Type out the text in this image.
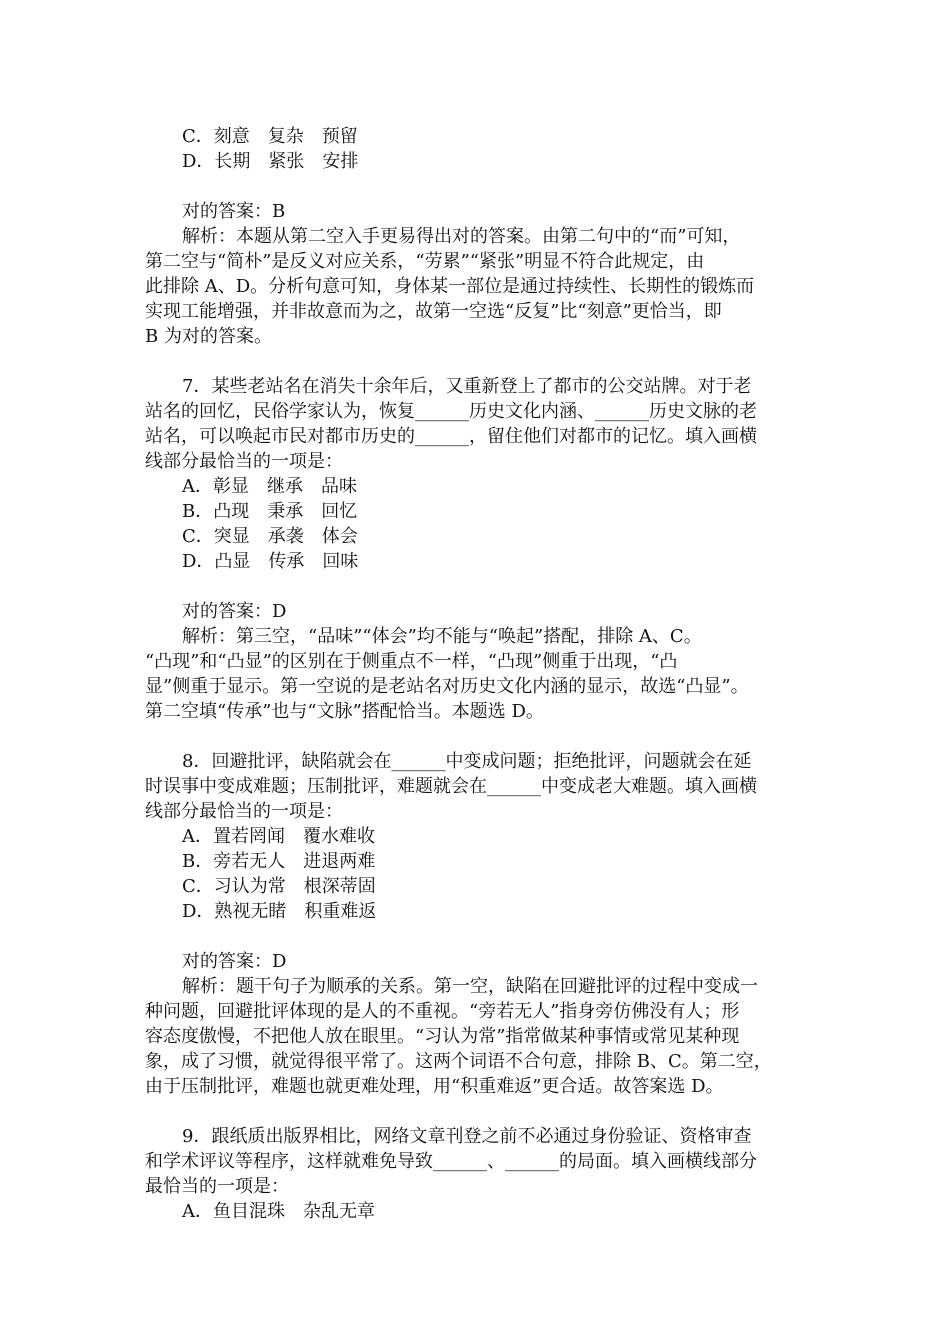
C．刻意　复杂　预留
D．长期　紧张　安排
对的答案：B
解析：本题从第二空入手更易得出对的答案。由第二句中的“而”可知，
第二空与“简朴”是反义对应关系，“劳累”“紧张”明显不符合此规定，由
此排除 A、D。分析句意可知，身体某一部位是通过持续性、长期性的锻炼而
实现工能增强，并非故意而为之，故第一空选“反复”比“刻意”更恰当，即
B 为对的答案。
7．某些老站名在消失十余年后，又重新登上了都市的公交站牌。对于老
站名的回忆，民俗学家认为，恢复______历史文化内涵、______历史文脉的老
站名，可以唤起市民对都市历史的______，留住他们对都市的记忆。填入画横
线部分最恰当的一项是：
A．彰显　继承　品味
B．凸现　秉承　回忆
C．突显　承袭　体会
D．凸显　传承　回味
对的答案：D
解析：第三空，“品味”“体会”均不能与“唤起”搭配，排除 A、C。
“凸现”和“凸显”的区别在于侧重点不一样，“凸现”侧重于出现，“凸
显”侧重于显示。第一空说的是老站名对历史文化内涵的显示，故选“凸显”。
第二空填“传承”也与“文脉”搭配恰当。本题选 D。
8．回避批评，缺陷就会在______中变成问题；拒绝批评，问题就会在延
时误事中变成难题；压制批评，难题就会在______中变成老大难题。填入画横
线部分最恰当的一项是：
A．置若罔闻　覆水难收
B．旁若无人　进退两难
C．习认为常　根深蒂固
D．熟视无睹　积重难返
对的答案：D
解析：题干句子为顺承的关系。第一空，缺陷在回避批评的过程中变成一
种问题，回避批评体现的是人的不重视。“旁若无人”指身旁仿佛没有人；形
容态度傲慢，不把他人放在眼里。“习认为常”指常做某种事情或常见某种现
象，成了习惯，就觉得很平常了。这两个词语不合句意，排除 B、C。第二空，
由于压制批评，难题也就更难处理，用“积重难返”更合适。故答案选 D。
9．跟纸质出版界相比，网络文章刊登之前不必通过身份验证、资格审查
和学术评议等程序，这样就难免导致______、______的局面。填入画横线部分
最恰当的一项是：
A．鱼目混珠　杂乱无章
